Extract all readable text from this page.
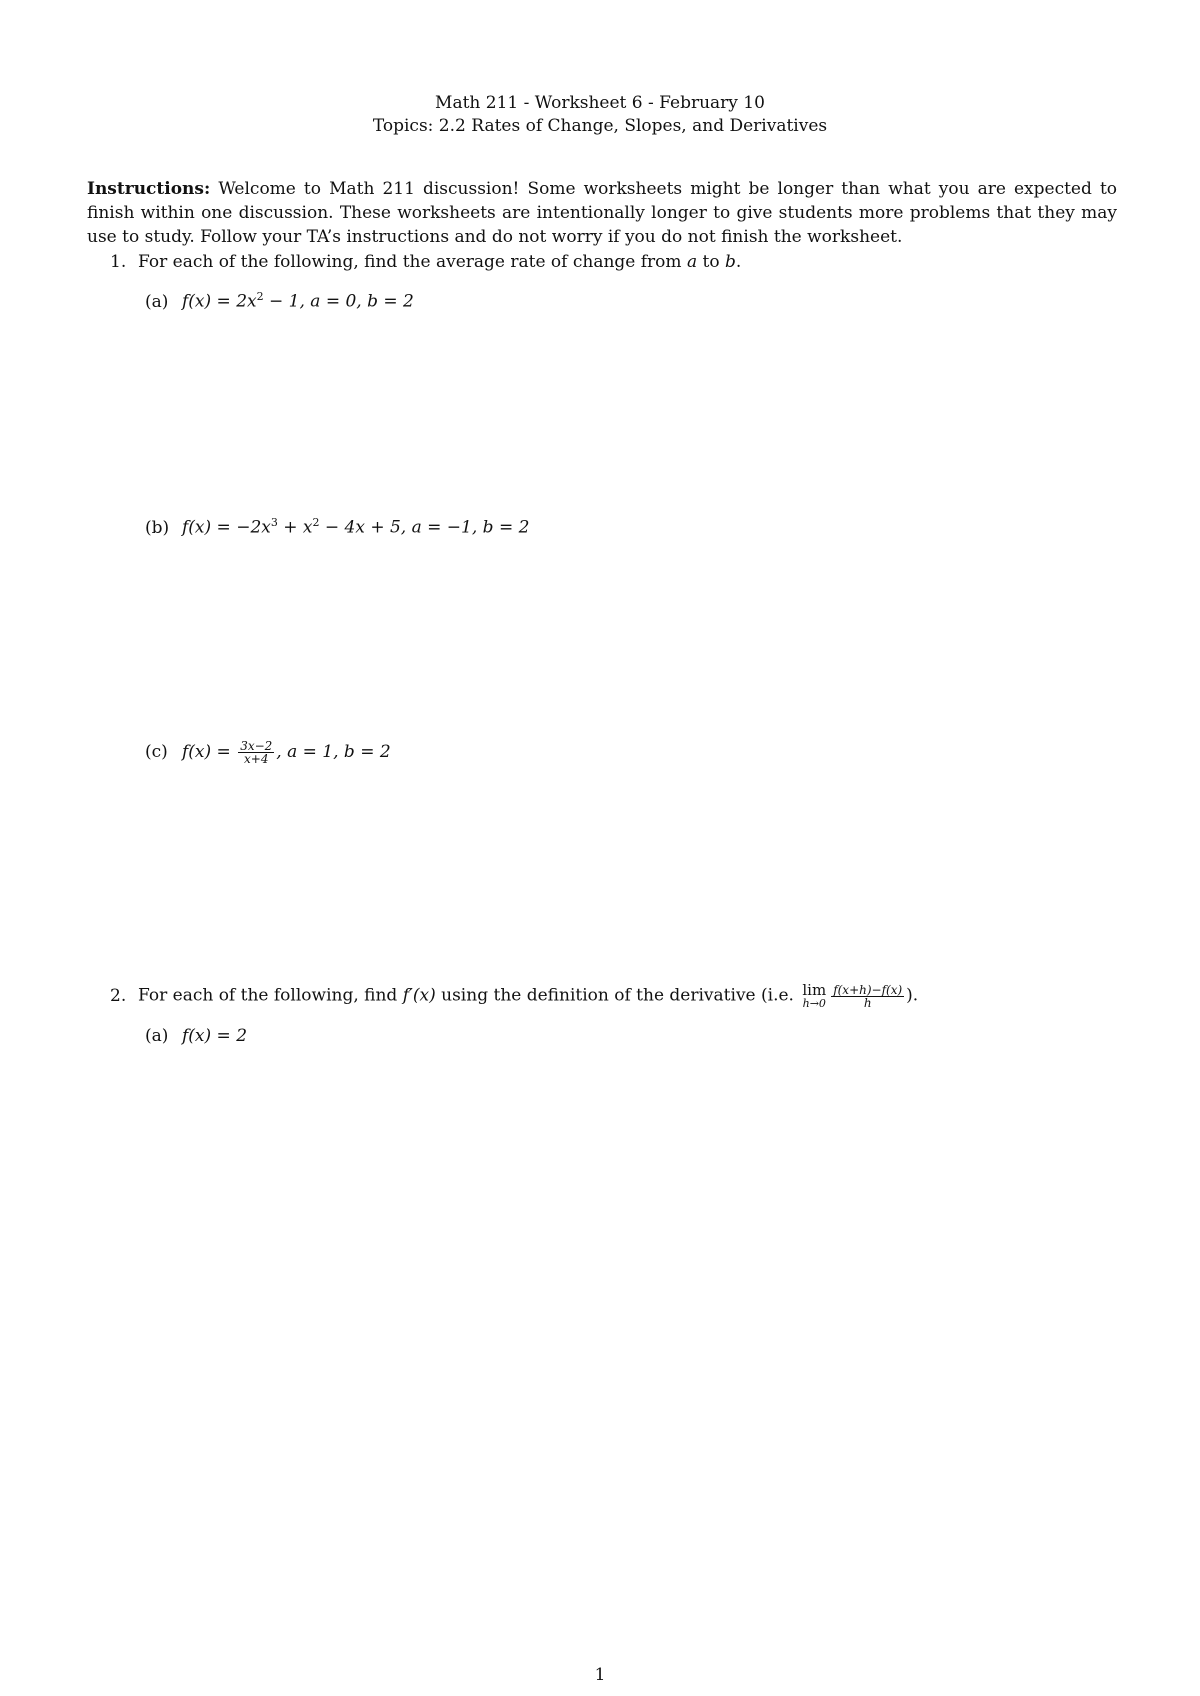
Math 211 - Worksheet 6 - February 10
Topics: 2.2 Rates of Change, Slopes, and Derivatives
Instructions: Welcome to Math 211 discussion! Some worksheets might be longer than what you are expected to finish within one discussion. These worksheets are intentionally longer to give students more problems that they may use to study. Follow your TA’s instructions and do not worry if you do not finish the worksheet.
1. For each of the following, find the average rate of change from a to b.
(a) $f(x) = 2x^2 - 1$, a = 0, b = 2
(b) $f(x) = -2x^3 + x^2 - 4x + 5$, a = −1, b = 2
(c) $f(x) = \frac{3x-2}{x+4}$ , a = 1, b = 2
2. For each of the following, find f′(x) using the definition of the derivative (i.e. lim
$h\to 0 \frac{f(x+h)-f(x)}{h}$ ).
(a) f(x) = 2
1
